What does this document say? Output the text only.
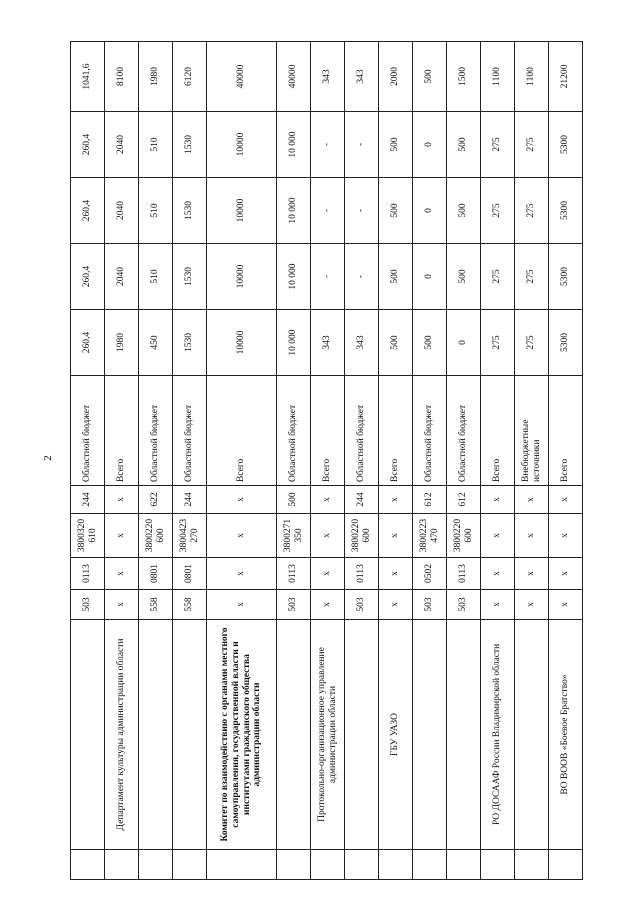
2
		503	0113	3800320 610	244	Областной бюджет	260,4	260,4	260,4	260,4	1041,6
	Департамент культуры администрации области	x	x	x	x	Всего	1980	2040	2040	2040	8100
		558	0801	3800220 600	622	Областной бюджет	450	510	510	510	1980
		558	0801	3800423 270	244	Областной бюджет	1530	1530	1530	1530	6120
	Комитет по взаимодействию с органами местного самоуправления, государственной власти и институтами гражданского общества администрации области	x	x	x	x	Всего	10000	10000	10000	10000	40000
		503	0113	3800271 350	500	Областной бюджет	10 000	10 000	10 000	10 000	40000
	Протокольно-организационное управление администрации области	x	x	x	x	Всего	343	-	-	-	343
		503	0113	3800220 600	244	Областной бюджет	343	-	-	-	343
	ГБУ УАЗО	x	x	x	x	Всего	500	500	500	500	2000
		503	0502	3800223 470	612	Областной бюджет	500	0	0	0	500
		503	0113	3800220 600	612	Областной бюджет	0	500	500	500	1500
	РО ДОСААФ России Владимирской области	x	x	x	x	Всего	275	275	275	275	1100
		x	x	x	x	Внебюджетные источники	275	275	275	275	1100
	ВО ВООВ «Боевое Братство»	x	x	x	x	Всего	5300	5300	5300	5300	21200
